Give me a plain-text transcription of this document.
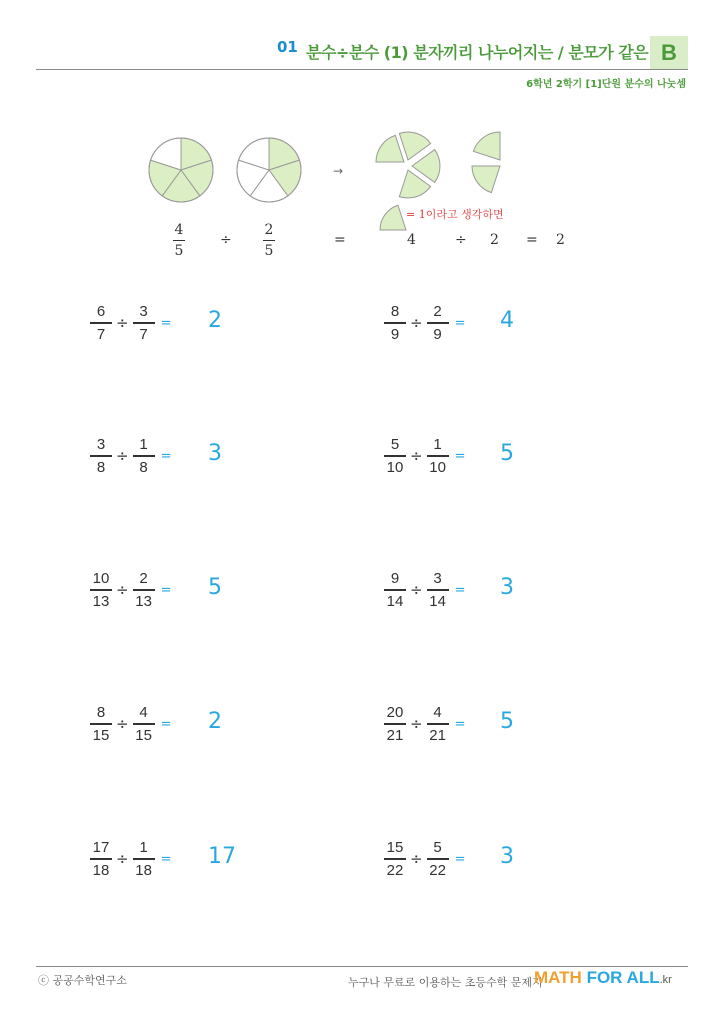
01 분수÷분수 (1) 분자끼리 나누어지는 / 분모가 같은 B
6학년 2학기 [1]단원 분수의 나눗셈
→
4
5
÷
2
5
=
= 1이라고 생각하면
4	÷ 2 = 2
$\frac{6}{7} \div \frac{3}{7} = 2$	$\frac{8}{9} \div \frac{2}{9} = 4$
$\frac{3}{8} \div \frac{1}{8} = 3$	$\frac{5}{10} \div \frac{1}{10} = 5$
$\frac{10}{13} \div \frac{2}{13} = 5$	$\frac{9}{14} \div \frac{3}{14} = 3$
$\frac{8}{15} \div \frac{4}{15} = 2$	$\frac{20}{21} \div \frac{4}{21} = 5$
$\frac{17}{18} \div \frac{1}{18} = 17$	$\frac{15}{22} \div \frac{5}{22} = 3$
ⓒ 공공수학연구소	누구나 무료로 이용하는 초등수학 문제지
MATH FOR ALL.kr
